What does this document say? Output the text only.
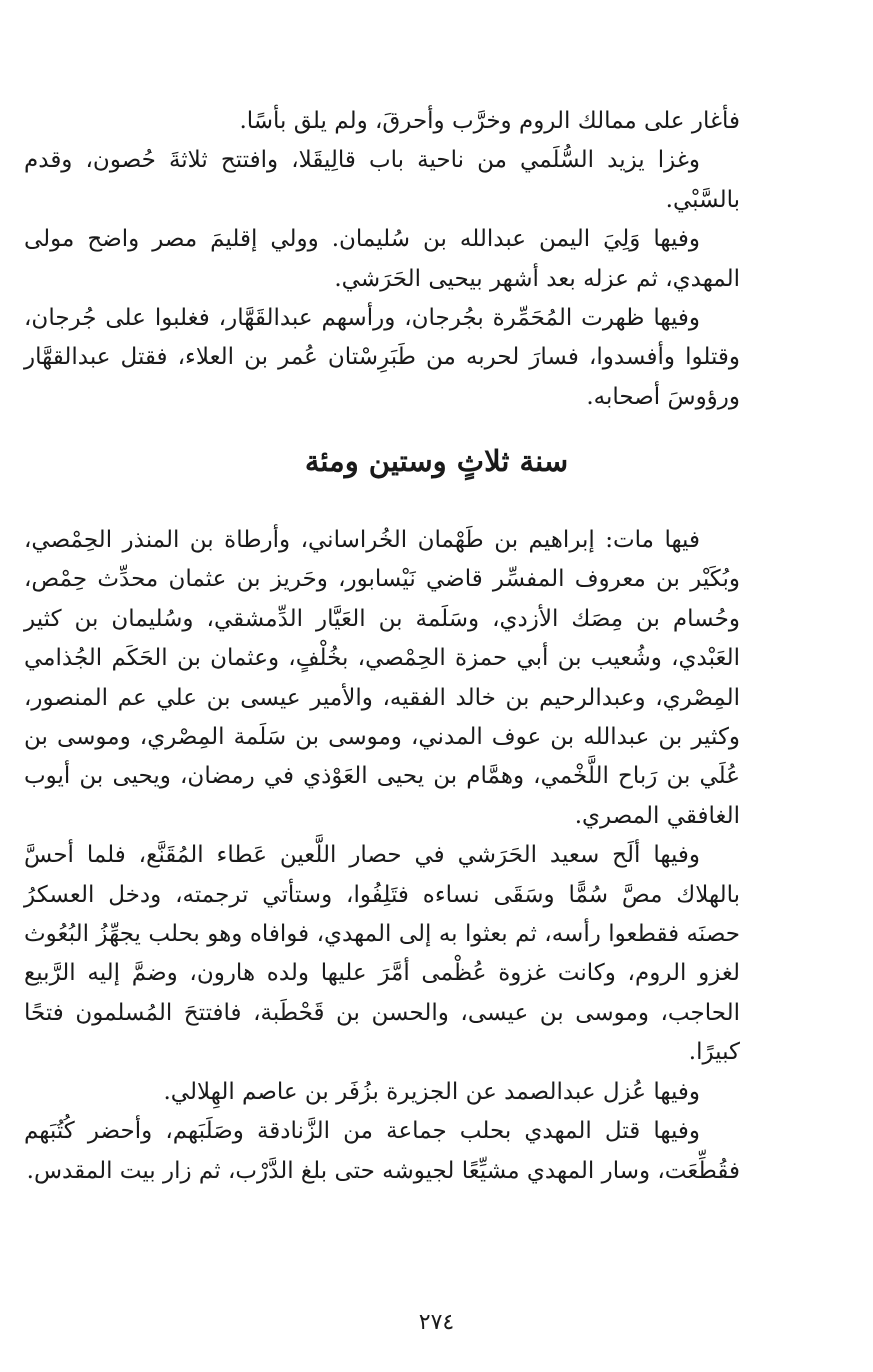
فأغار على ممالك الروم وخرَّب وأحرقَ، ولم يلق بأسًا.

وغزا يزيد السُّلَمي من ناحية باب قالِيقَلا، وافتتح ثلاثةَ حُصون، وقدم بالسَّبْي.

وفيها وَلِيَ اليمن عبدالله بن سُليمان. وولي إقليمَ مصر واضح مولى المهدي، ثم عزله بعد أشهر بيحيى الحَرَشي.

وفيها ظهرت المُحَمِّرة بجُرجان، ورأسهم عبدالقَهَّار، فغلبوا على جُرجان، وقتلوا وأفسدوا، فسارَ لحربه من طَبَرِسْتان عُمر بن العلاء، فقتل عبدالقهَّار ورؤوسَ أصحابه.

سنة ثلاثٍ وستين ومئة

فيها مات: إبراهيم بن طَهْمان الخُراساني، وأرطاة بن المنذر الحِمْصي، وبُكَيْر بن معروف المفسِّر قاضي نَيْسابور، وحَريز بن عثمان محدِّث حِمْص، وحُسام بن مِصَك الأزدي، وسَلَمة بن العَيَّار الدِّمشقي، وسُليمان بن كثير العَبْدي، وشُعيب بن أبي حمزة الحِمْصي، بخُلْفٍ، وعثمان بن الحَكَم الجُذامي المِصْري، وعبدالرحيم بن خالد الفقيه، والأمير عيسى بن علي عم المنصور، وكثير بن عبدالله بن عوف المدني، وموسى بن سَلَمة المِصْري، وموسى بن عُلَي بن رَباح اللَّخْمي، وهمَّام بن يحيى العَوْذي في رمضان، ويحيى بن أيوب الغافقي المصري.

وفيها ألَح سعيد الحَرَشي في حصار اللَّعين عَطاء المُقَنَّع، فلما أحسَّ بالهلاك مصَّ سُمًّا وسَقَى نساءه فتَلِفُوا، وستأتي ترجمته، ودخل العسكرُ حصنَه فقطعوا رأسه، ثم بعثوا به إلى المهدي، فوافاه وهو بحلب يجهِّزُ البُعُوث لغزو الروم، وكانت غزوة عُظْمى أمَّرَ عليها ولده هارون، وضمَّ إليه الرَّبيع الحاجب، وموسى بن عيسى، والحسن بن قَحْطَبة، فافتتحَ المُسلمون فتحًا كبيرًا.

وفيها عُزل عبدالصمد عن الجزيرة بزُفَر بن عاصم الهِلالي.

وفيها قتل المهدي بحلب جماعة من الزَّنادقة وصَلَبَهم، وأحضر كُتُبَهم فقُطِّعَت، وسار المهدي مشيِّعًا لجيوشه حتى بلغ الدَّرْب، ثم زار بيت المقدس.

٢٧٤
